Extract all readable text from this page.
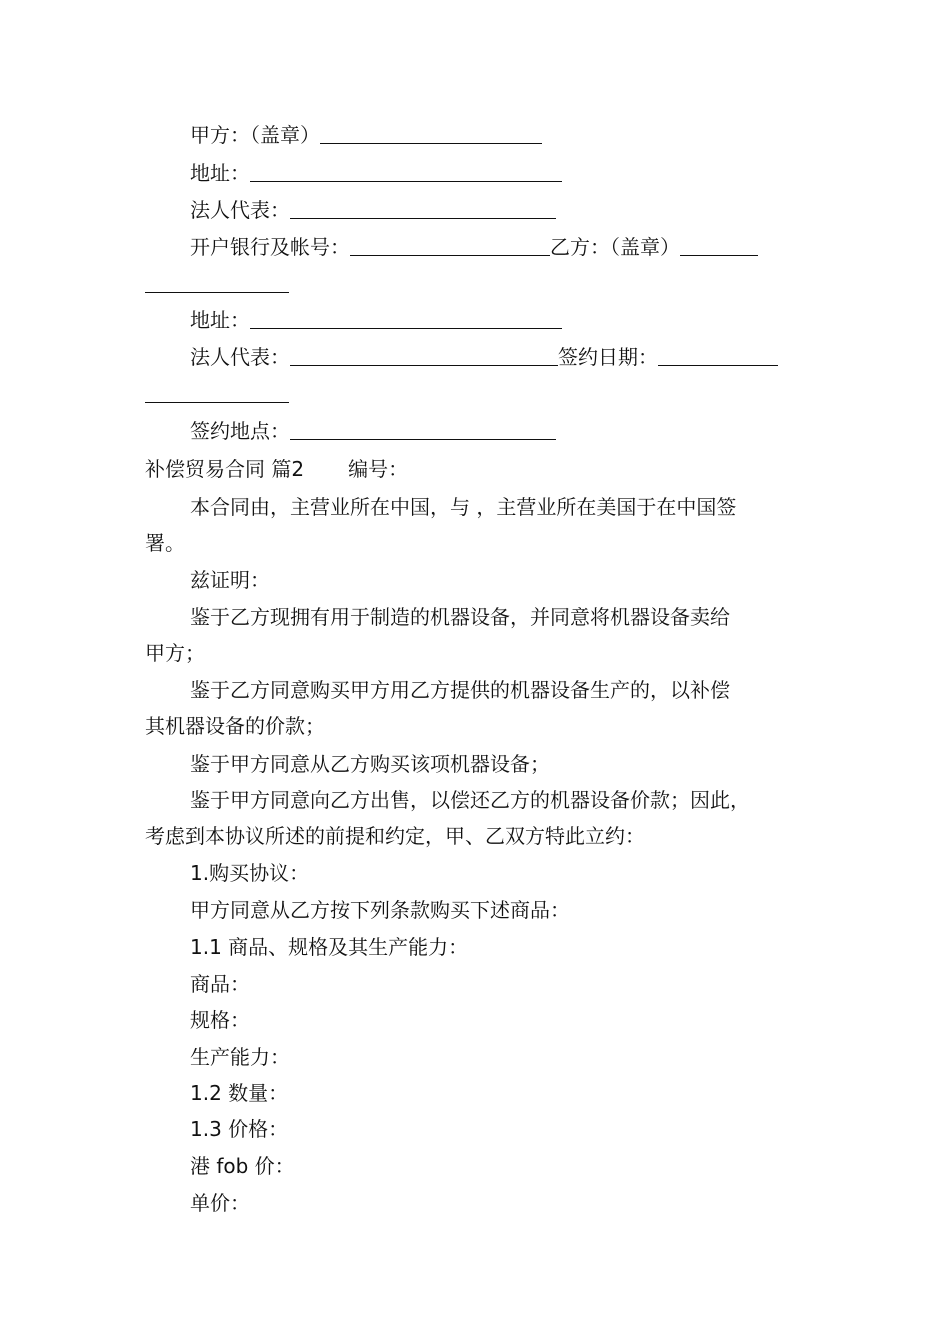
甲方：（盖章）
地址：
法人代表：
开户银行及帐号：	乙方：（盖章）
地址：
法人代表：	签约日期：
签约地点：
补偿贸易合同 篇2 编号：
本合同由，主营业所在中国，与 ，主营业所在美国于在中国签
署。
兹证明：
鉴于乙方现拥有用于制造的机器设备，并同意将机器设备卖给
甲方；
鉴于乙方同意购买甲方用乙方提供的机器设备生产的，以补偿
其机器设备的价款；
鉴于甲方同意从乙方购买该项机器设备；
鉴于甲方同意向乙方出售，以偿还乙方的机器设备价款；因此，
考虑到本协议所述的前提和约定，甲、乙双方特此立约：
1.购买协议：
甲方同意从乙方按下列条款购买下述商品：
1.1 商品、规格及其生产能力：
商品：
规格：
生产能力：
1.2 数量：
1.3 价格：
港 fob 价：
单价：
